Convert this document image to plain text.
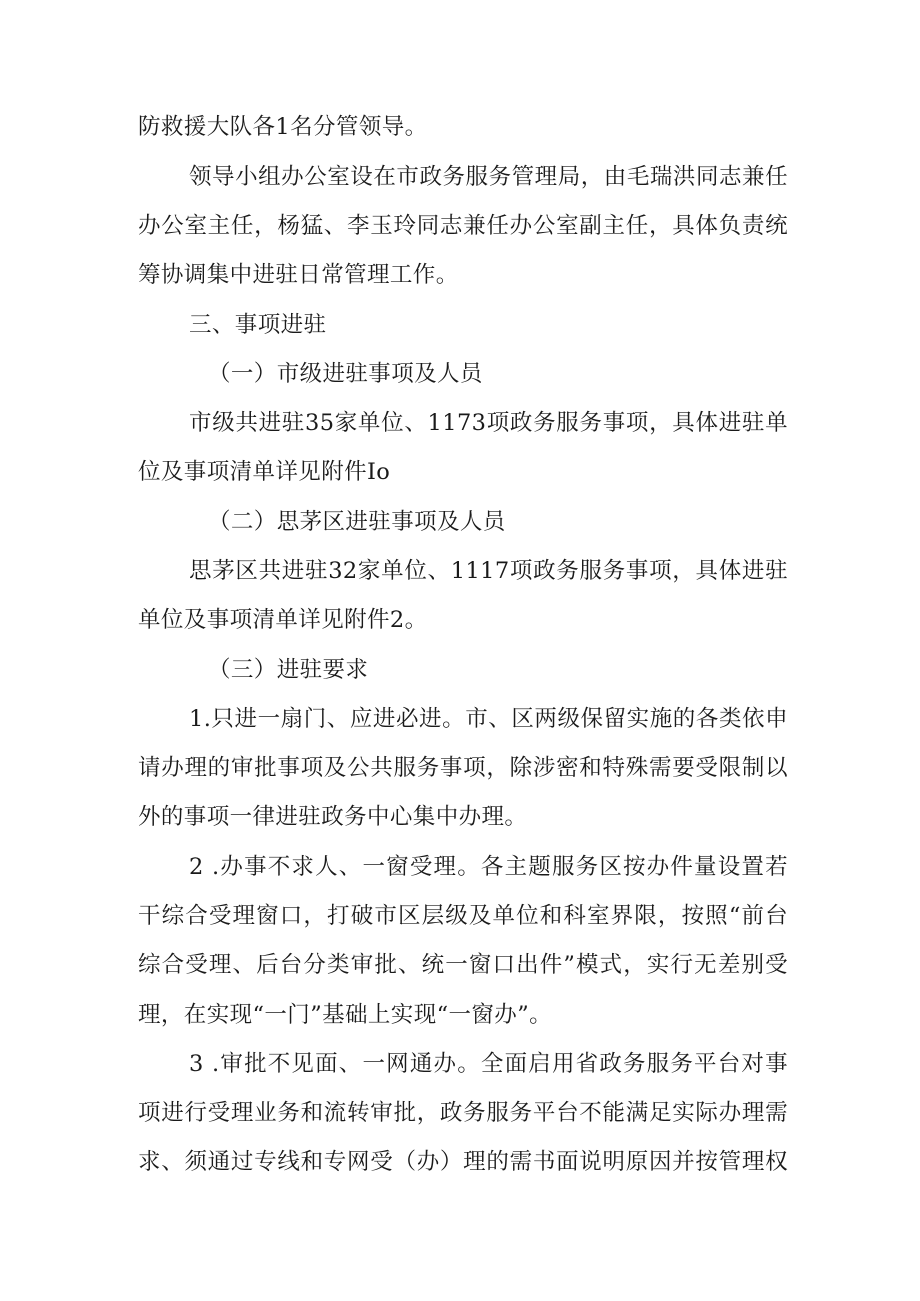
防救援大队各1名分管领导。
领导小组办公室设在市政务服务管理局，由毛瑞洪同志兼任
办公室主任，杨猛、李玉玲同志兼任办公室副主任，具体负责统
筹协调集中进驻日常管理工作。
三、事项进驻
（一）市级进驻事项及人员
市级共进驻35家单位、1173项政务服务事项，具体进驻单
位及事项清单详见附件Io
（二）思茅区进驻事项及人员
思茅区共进驻32家单位、1117项政务服务事项，具体进驻
单位及事项清单详见附件2。
（三）进驻要求
1.只进一扇门、应进必进。市、区两级保留实施的各类依申
请办理的审批事项及公共服务事项，除涉密和特殊需要受限制以
外的事项一律进驻政务中心集中办理。
2 .办事不求人、一窗受理。各主题服务区按办件量设置若
干综合受理窗口，打破市区层级及单位和科室界限，按照“前台
综合受理、后台分类审批、统一窗口出件”模式，实行无差别受
理，在实现“一门”基础上实现“一窗办”。
3 .审批不见面、一网通办。全面启用省政务服务平台对事
项进行受理业务和流转审批，政务服务平台不能满足实际办理需
求、须通过专线和专网受（办）理的需书面说明原因并按管理权
